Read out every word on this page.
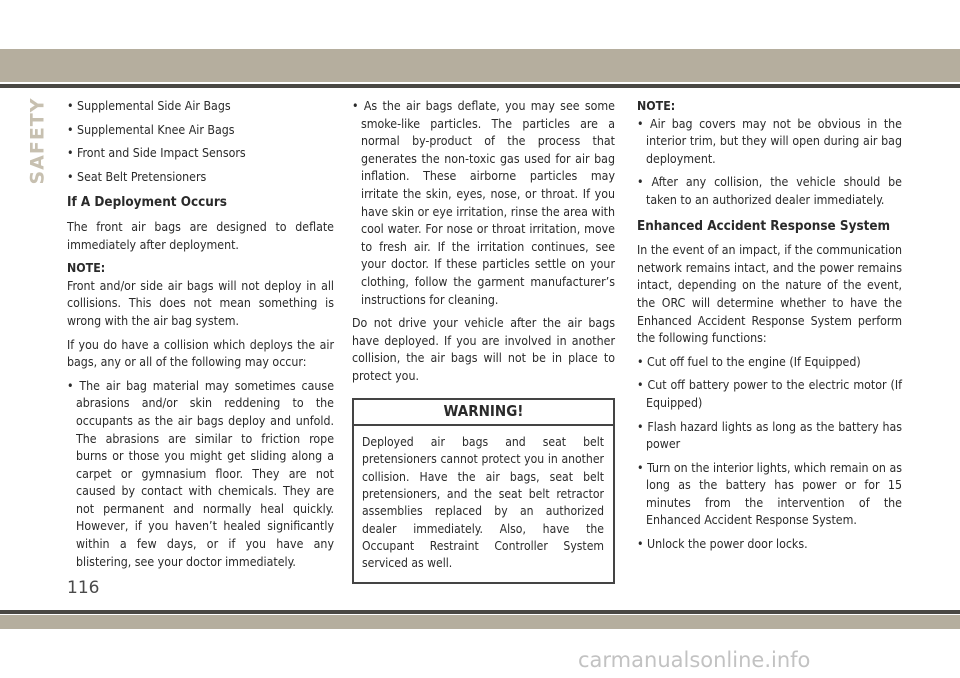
SAFETY

•	Supplemental Side Air Bags

• Supplemental Knee Air Bags

• Front and Side Impact Sensors

• Seat Belt Pretensioners

If A Deployment Occurs

The front air bags are designed to deflate immediately after deployment.

NOTE:

Front and/or side air bags will not deploy in all collisions. This does not mean something is wrong with the air bag system.

If you do have a collision which deploys the air bags, any or all of the following may occur:

• The air bag material may sometimes cause abrasions and/or skin reddening to the occupants as the air bags deploy and unfold. The abrasions are similar to friction rope burns or those you might get sliding along a carpet or gymnasium floor. They are not caused by contact with chemicals. They are not permanent and normally heal quickly. However, if you haven’t healed significantly within a few days, or if you have any blistering, see your doctor immediately.

• As the air bags deflate, you may see some smoke-like particles. The particles are a normal by-product of the process that generates the non-toxic gas used for air bag inflation. These airborne particles may irritate the skin, eyes, nose, or throat. If you have skin or eye irritation, rinse the area with cool water. For nose or throat irritation, move to fresh air. If the irritation continues, see your doctor. If these particles settle on your clothing, follow the garment manufacturer’s instructions for cleaning.

Do not drive your vehicle after the air bags have deployed. If you are involved in another collision, the air bags will not be in place to protect you.

WARNING!
Deployed air bags and seat belt pretensioners cannot protect you in another collision. Have the air bags, seat belt pretensioners, and the seat belt retractor assemblies replaced by an authorized dealer immediately. Also, have the Occupant Restraint Controller System serviced as well.

NOTE:

• Air bag covers may not be obvious in the interior trim, but they will open during air bag deployment.

• After any collision, the vehicle should be taken to an authorized dealer immediately.

Enhanced Accident Response System

In the event of an impact, if the communication network remains intact, and the power remains intact, depending on the nature of the event, the ORC will determine whether to have the Enhanced Accident Response System perform the following functions:

• Cut off fuel to the engine (If Equipped)

• Cut off battery power to the electric motor (If Equipped)

• Flash hazard lights as long as the battery has power

• Turn on the interior lights, which remain on as long as the battery has power or for 15 minutes from the intervention of the Enhanced Accident Response System.

• Unlock the power door locks.

116
carmanualsonline.info
